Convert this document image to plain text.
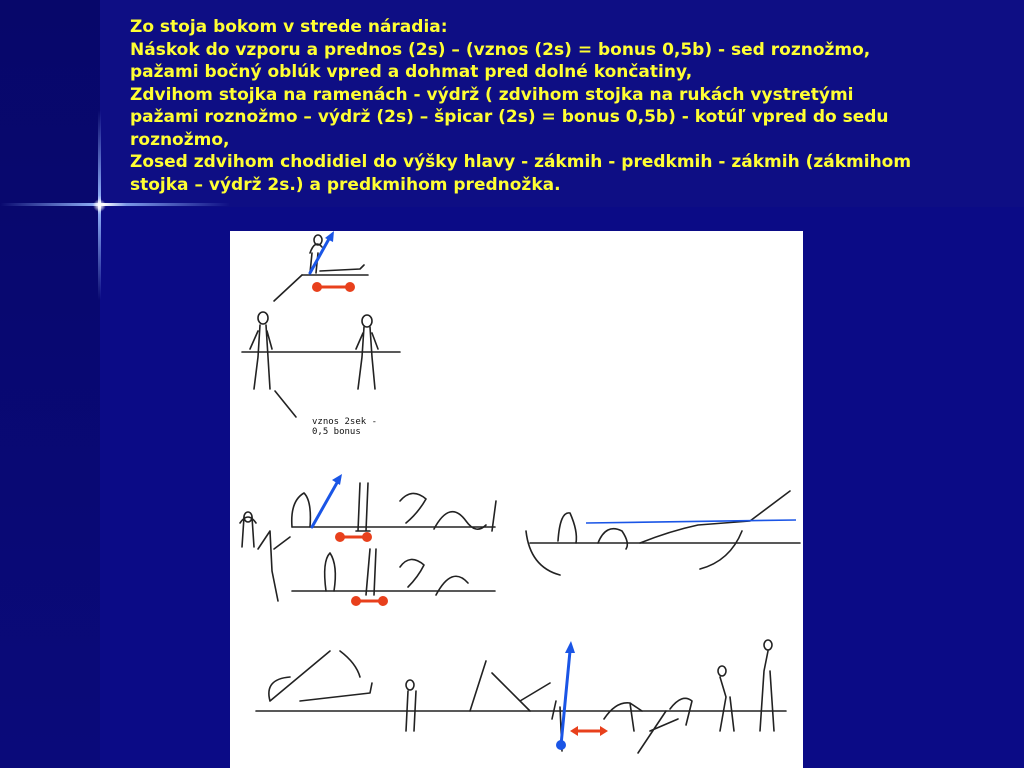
Zo stoja bokom v strede náradia:

Náskok do vzporu a prednos (2s) – (vznos (2s) = bonus 0,5b) - sed roznožmo,

pažami bočný oblúk vpred a dohmat pred dolné končatiny,

Zdvihom stojka na ramenách - výdrž ( zdvihom stojka na rukách vystretými

pažami roznožmo – výdrž (2s) – špicar (2s) = bonus 0,5b) - kotúľ vpred do sedu

roznožmo,

Zosed zdvihom chodidiel do výšky hlavy - zákmih - predkmih - zákmih (zákmihom

stojka – výdrž 2s.) a predkmihom prednožka.

vznos 2sek -
0,5 bonus
